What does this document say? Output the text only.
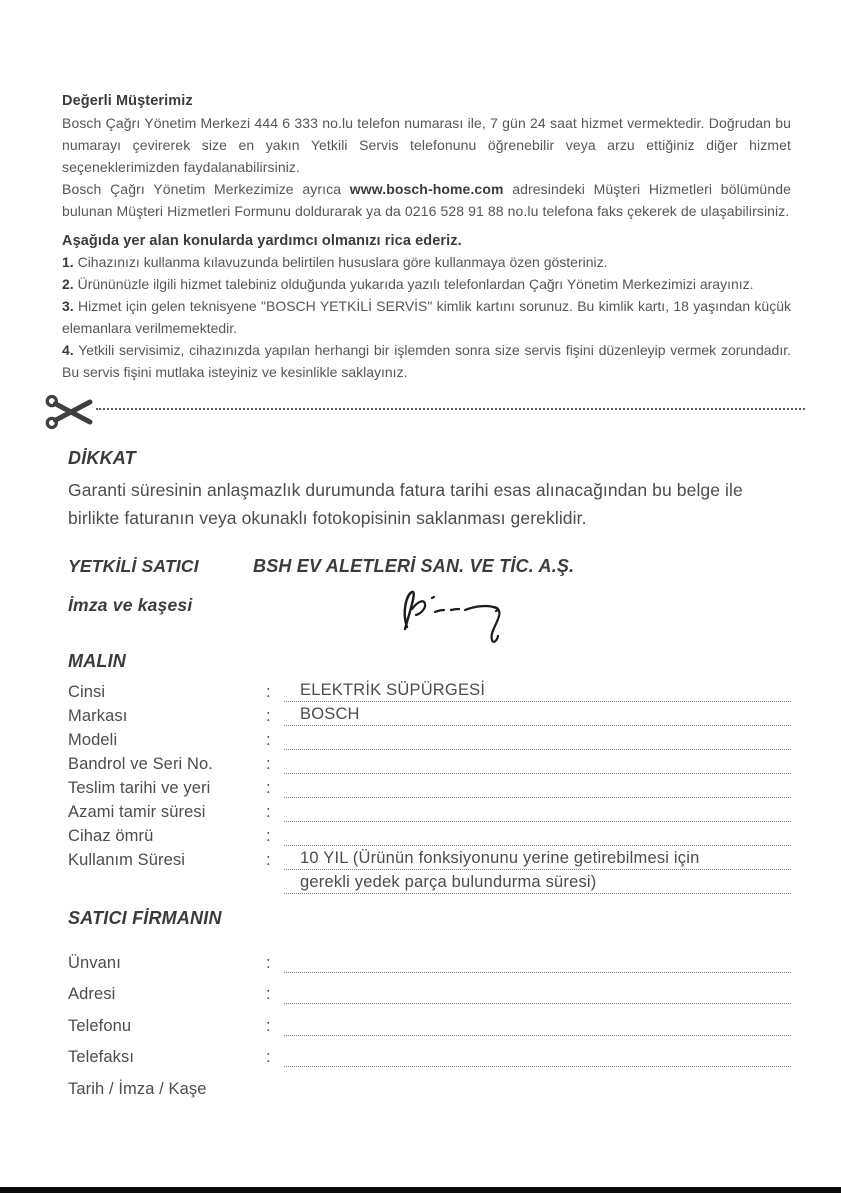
Değerli Müşterimiz
Bosch Çağrı Yönetim Merkezi 444 6 333 no.lu telefon numarası ile, 7 gün 24 saat hizmet vermektedir. Doğrudan bu numarayı çevirerek size en yakın Yetkili Servis telefonunu öğrenebilir veya arzu ettiğiniz diğer hizmet seçeneklerimizden faydalanabilirsiniz.
Bosch Çağrı Yönetim Merkezimize ayrıca www.bosch-home.com adresindeki Müşteri Hizmetleri bölümünde bulunan Müşteri Hizmetleri Formunu doldurarak ya da 0216 528 91 88 no.lu telefona faks çekerek de ulaşabilirsiniz.
Aşağıda yer alan konularda yardımcı olmanızı rica ederiz.
1. Cihazınızı kullanma kılavuzunda belirtilen hususlara göre kullanmaya özen gösteriniz.
2. Ürününüzle ilgili hizmet talebiniz olduğunda yukarıda yazılı telefonlardan Çağrı Yönetim Merkezimizi arayınız.
3. Hizmet için gelen teknisyene "BOSCH YETKİLİ SERVİS" kimlik kartını sorunuz. Bu kimlik kartı, 18 yaşından küçük elemanlara verilmemektedir.
4. Yetkili servisimiz, cihazınızda yapılan herhangi bir işlemden sonra size servis fişini düzenleyip vermek zorundadır. Bu servis fişini mutlaka isteyiniz ve kesinlikle saklayınız.
DİKKAT
Garanti süresinin anlaşmazlık durumunda fatura tarihi esas alınacağından bu belge ile birlikte faturanın veya okunaklı fotokopisinin saklanması gereklidir.
YETKİLİ SATICI	BSH EV ALETLERİ SAN. VE TİC. A.Ş.
İmza ve kaşesi
MALIN
Cinsi	:	ELEKTRİK SÜPÜRGESİ
Markası	:	BOSCH
Modeli	:
Bandrol ve Seri No.	:
Teslim tarihi ve yeri	:
Azami tamir süresi	:
Cihaz ömrü	:
Kullanım Süresi	:	10 YIL (Ürünün fonksiyonunu yerine getirebilmesi için
gerekli yedek parça bulundurma süresi)
SATICI FİRMANIN
Ünvanı	:
Adresi	:
Telefonu	:
Telefaksı	:
Tarih / İmza / Kaşe
